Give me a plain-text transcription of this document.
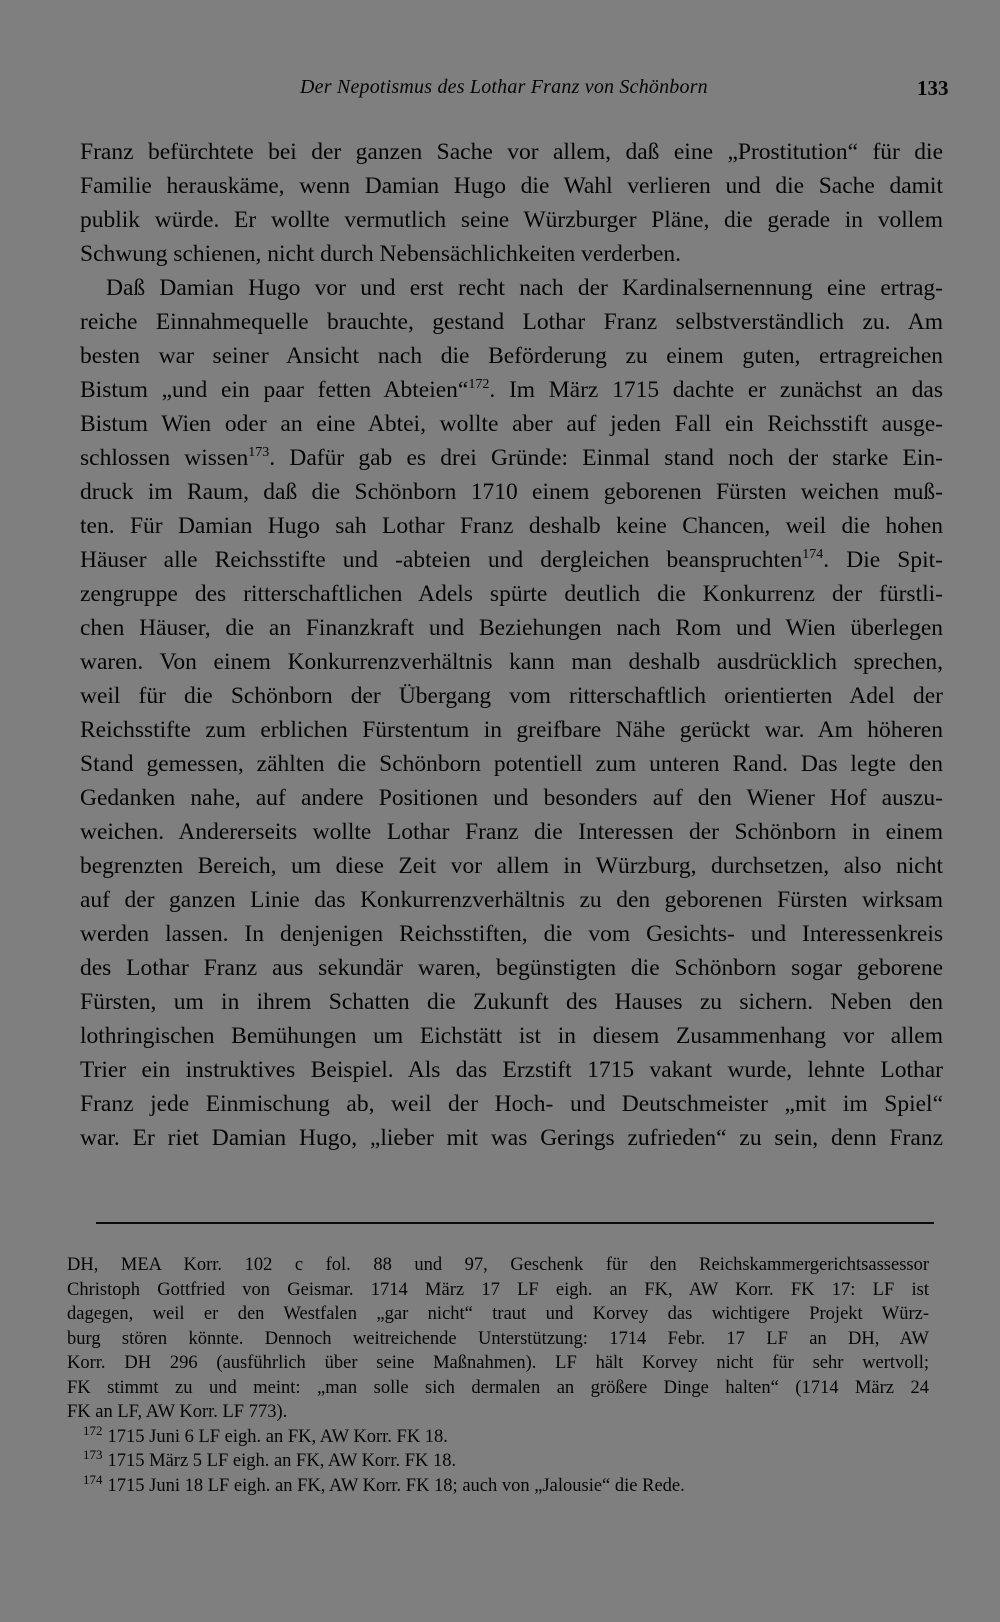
Der Nepotismus des Lothar Franz von Schönborn	133
Franz befürchtete bei der ganzen Sache vor allem, daß eine „Prostitution“ für die
Familie herauskäme, wenn Damian Hugo die Wahl verlieren und die Sache damit
publik würde. Er wollte vermutlich seine Würzburger Pläne, die gerade in vollem
Schwung schienen, nicht durch Nebensächlichkeiten verderben.
Daß Damian Hugo vor und erst recht nach der Kardinalsernennung eine ertrag-
reiche Einnahmequelle brauchte, gestand Lothar Franz selbstverständlich zu. Am
besten war seiner Ansicht nach die Beförderung zu einem guten, ertragreichen
Bistum „und ein paar fetten Abteien“$^{172}$. Im März 1715 dachte er zunächst an das
Bistum Wien oder an eine Abtei, wollte aber auf jeden Fall ein Reichsstift ausge-
schlossen wissen$^{173}$. Dafür gab es drei Gründe: Einmal stand noch der starke Ein-
druck im Raum, daß die Schönborn 1710 einem geborenen Fürsten weichen muß-
ten. Für Damian Hugo sah Lothar Franz deshalb keine Chancen, weil die hohen
Häuser alle Reichsstifte und -abteien und dergleichen beanspruchten$^{174}$. Die Spit-
zengruppe des ritterschaftlichen Adels spürte deutlich die Konkurrenz der fürstli-
chen Häuser, die an Finanzkraft und Beziehungen nach Rom und Wien überlegen
waren. Von einem Konkurrenzverhältnis kann man deshalb ausdrücklich sprechen,
weil für die Schönborn der Übergang vom ritterschaftlich orientierten Adel der
Reichsstifte zum erblichen Fürstentum in greifbare Nähe gerückt war. Am höheren
Stand gemessen, zählten die Schönborn potentiell zum unteren Rand. Das legte den
Gedanken nahe, auf andere Positionen und besonders auf den Wiener Hof auszu-
weichen. Andererseits wollte Lothar Franz die Interessen der Schönborn in einem
begrenzten Bereich, um diese Zeit vor allem in Würzburg, durchsetzen, also nicht
auf der ganzen Linie das Konkurrenzverhältnis zu den geborenen Fürsten wirksam
werden lassen. In denjenigen Reichsstiften, die vom Gesichts- und Interessenkreis
des Lothar Franz aus sekundär waren, begünstigten die Schönborn sogar geborene
Fürsten, um in ihrem Schatten die Zukunft des Hauses zu sichern. Neben den
lothringischen Bemühungen um Eichstätt ist in diesem Zusammenhang vor allem
Trier ein instruktives Beispiel. Als das Erzstift 1715 vakant wurde, lehnte Lothar
Franz jede Einmischung ab, weil der Hoch- und Deutschmeister „mit im Spiel“
war. Er riet Damian Hugo, „lieber mit was Gerings zufrieden“ zu sein, denn Franz
DH, MEA Korr. 102 c fol. 88 und 97, Geschenk für den Reichskammergerichtsassessor
Christoph Gottfried von Geismar. 1714 März 17 LF eigh. an FK, AW Korr. FK 17: LF ist
dagegen, weil er den Westfalen „gar nicht“ traut und Korvey das wichtigere Projekt Würz-
burg stören könnte. Dennoch weitreichende Unterstützung: 1714 Febr. 17 LF an DH, AW
Korr. DH 296 (ausführlich über seine Maßnahmen). LF hält Korvey nicht für sehr wertvoll;
FK stimmt zu und meint: „man solle sich dermalen an größere Dinge halten“ (1714 März 24
FK an LF, AW Korr. LF 773).
$^{172}$ 1715 Juni 6 LF eigh. an FK, AW Korr. FK 18.
$^{173}$ 1715 März 5 LF eigh. an FK, AW Korr. FK 18.
$^{174}$ 1715 Juni 18 LF eigh. an FK, AW Korr. FK 18; auch von „Jalousie“ die Rede.
